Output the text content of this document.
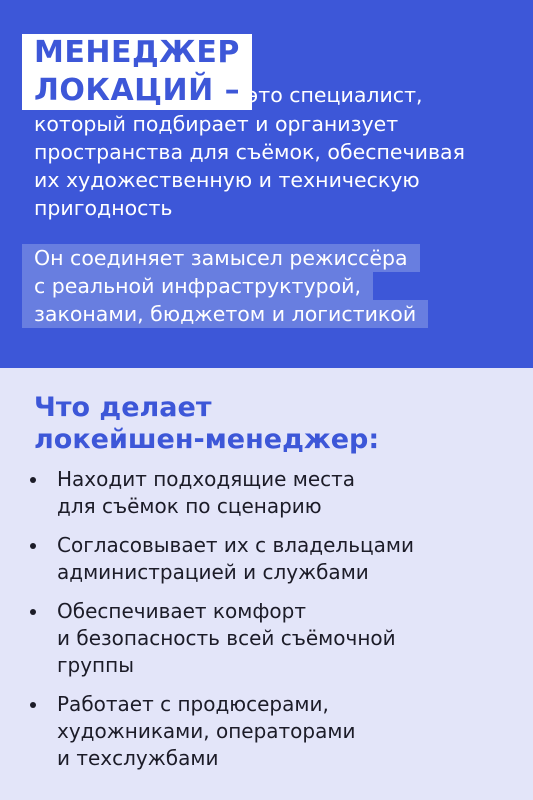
МЕНЕДЖЕР
ЛОКАЦИЙ – это специалист,
который подбирает и организует
пространства для съёмок, обеспечивая
их художественную и техническую
пригодность
Он соединяет замысел режиссёра
с реальной инфраструктурой,
законами, бюджетом и логистикой
Что делает
локейшен-менеджер:
Находит подходящие места
для съёмок по сценарию
Согласовывает их с владельцами
администрацией и службами
Обеспечивает комфорт
и безопасность всей съёмочной
группы
Работает с продюсерами,
художниками, операторами
и техслужбами
